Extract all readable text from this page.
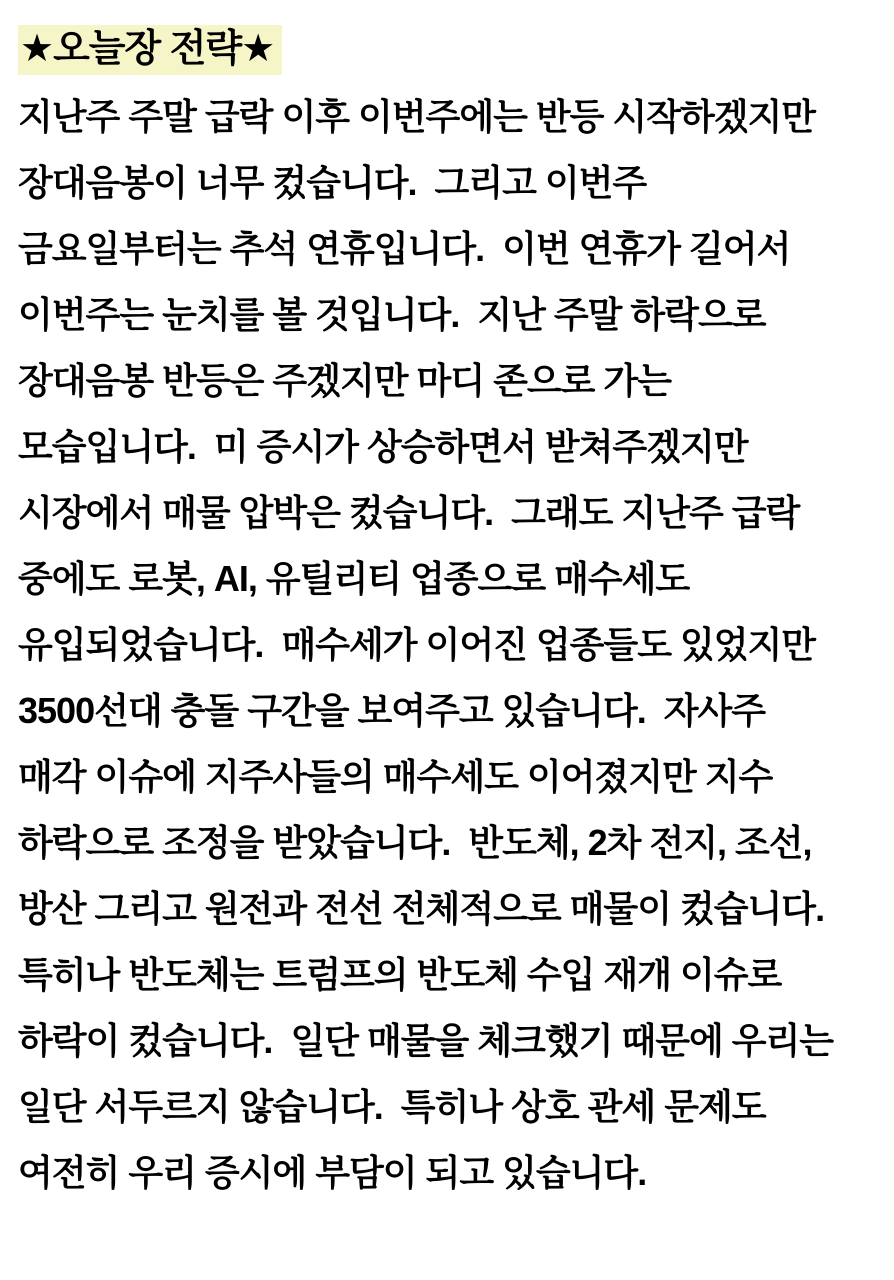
★오늘장 전략★
지난주 주말 급락 이후 이번주에는 반등 시작하겠지만
장대음봉이 너무 컸습니다.  그리고 이번주
금요일부터는 추석 연휴입니다.  이번 연휴가 길어서
이번주는 눈치를 볼 것입니다.  지난 주말 하락으로
장대음봉 반등은 주겠지만 마디 존으로 가는
모습입니다.  미 증시가 상승하면서 받쳐주겠지만
시장에서 매물 압박은 컸습니다.  그래도 지난주 급락
중에도 로봇, AI, 유틸리티 업종으로 매수세도
유입되었습니다.  매수세가 이어진 업종들도 있었지만
3500선대 충돌 구간을 보여주고 있습니다.  자사주
매각 이슈에 지주사들의 매수세도 이어졌지만 지수
하락으로 조정을 받았습니다.  반도체, 2차 전지, 조선,
방산 그리고 원전과 전선 전체적으로 매물이 컸습니다.
특히나 반도체는 트럼프의 반도체 수입 재개 이슈로
하락이 컸습니다.  일단 매물을 체크했기 때문에 우리는
일단 서두르지 않습니다.  특히나 상호 관세 문제도
여전히 우리 증시에 부담이 되고 있습니다.
